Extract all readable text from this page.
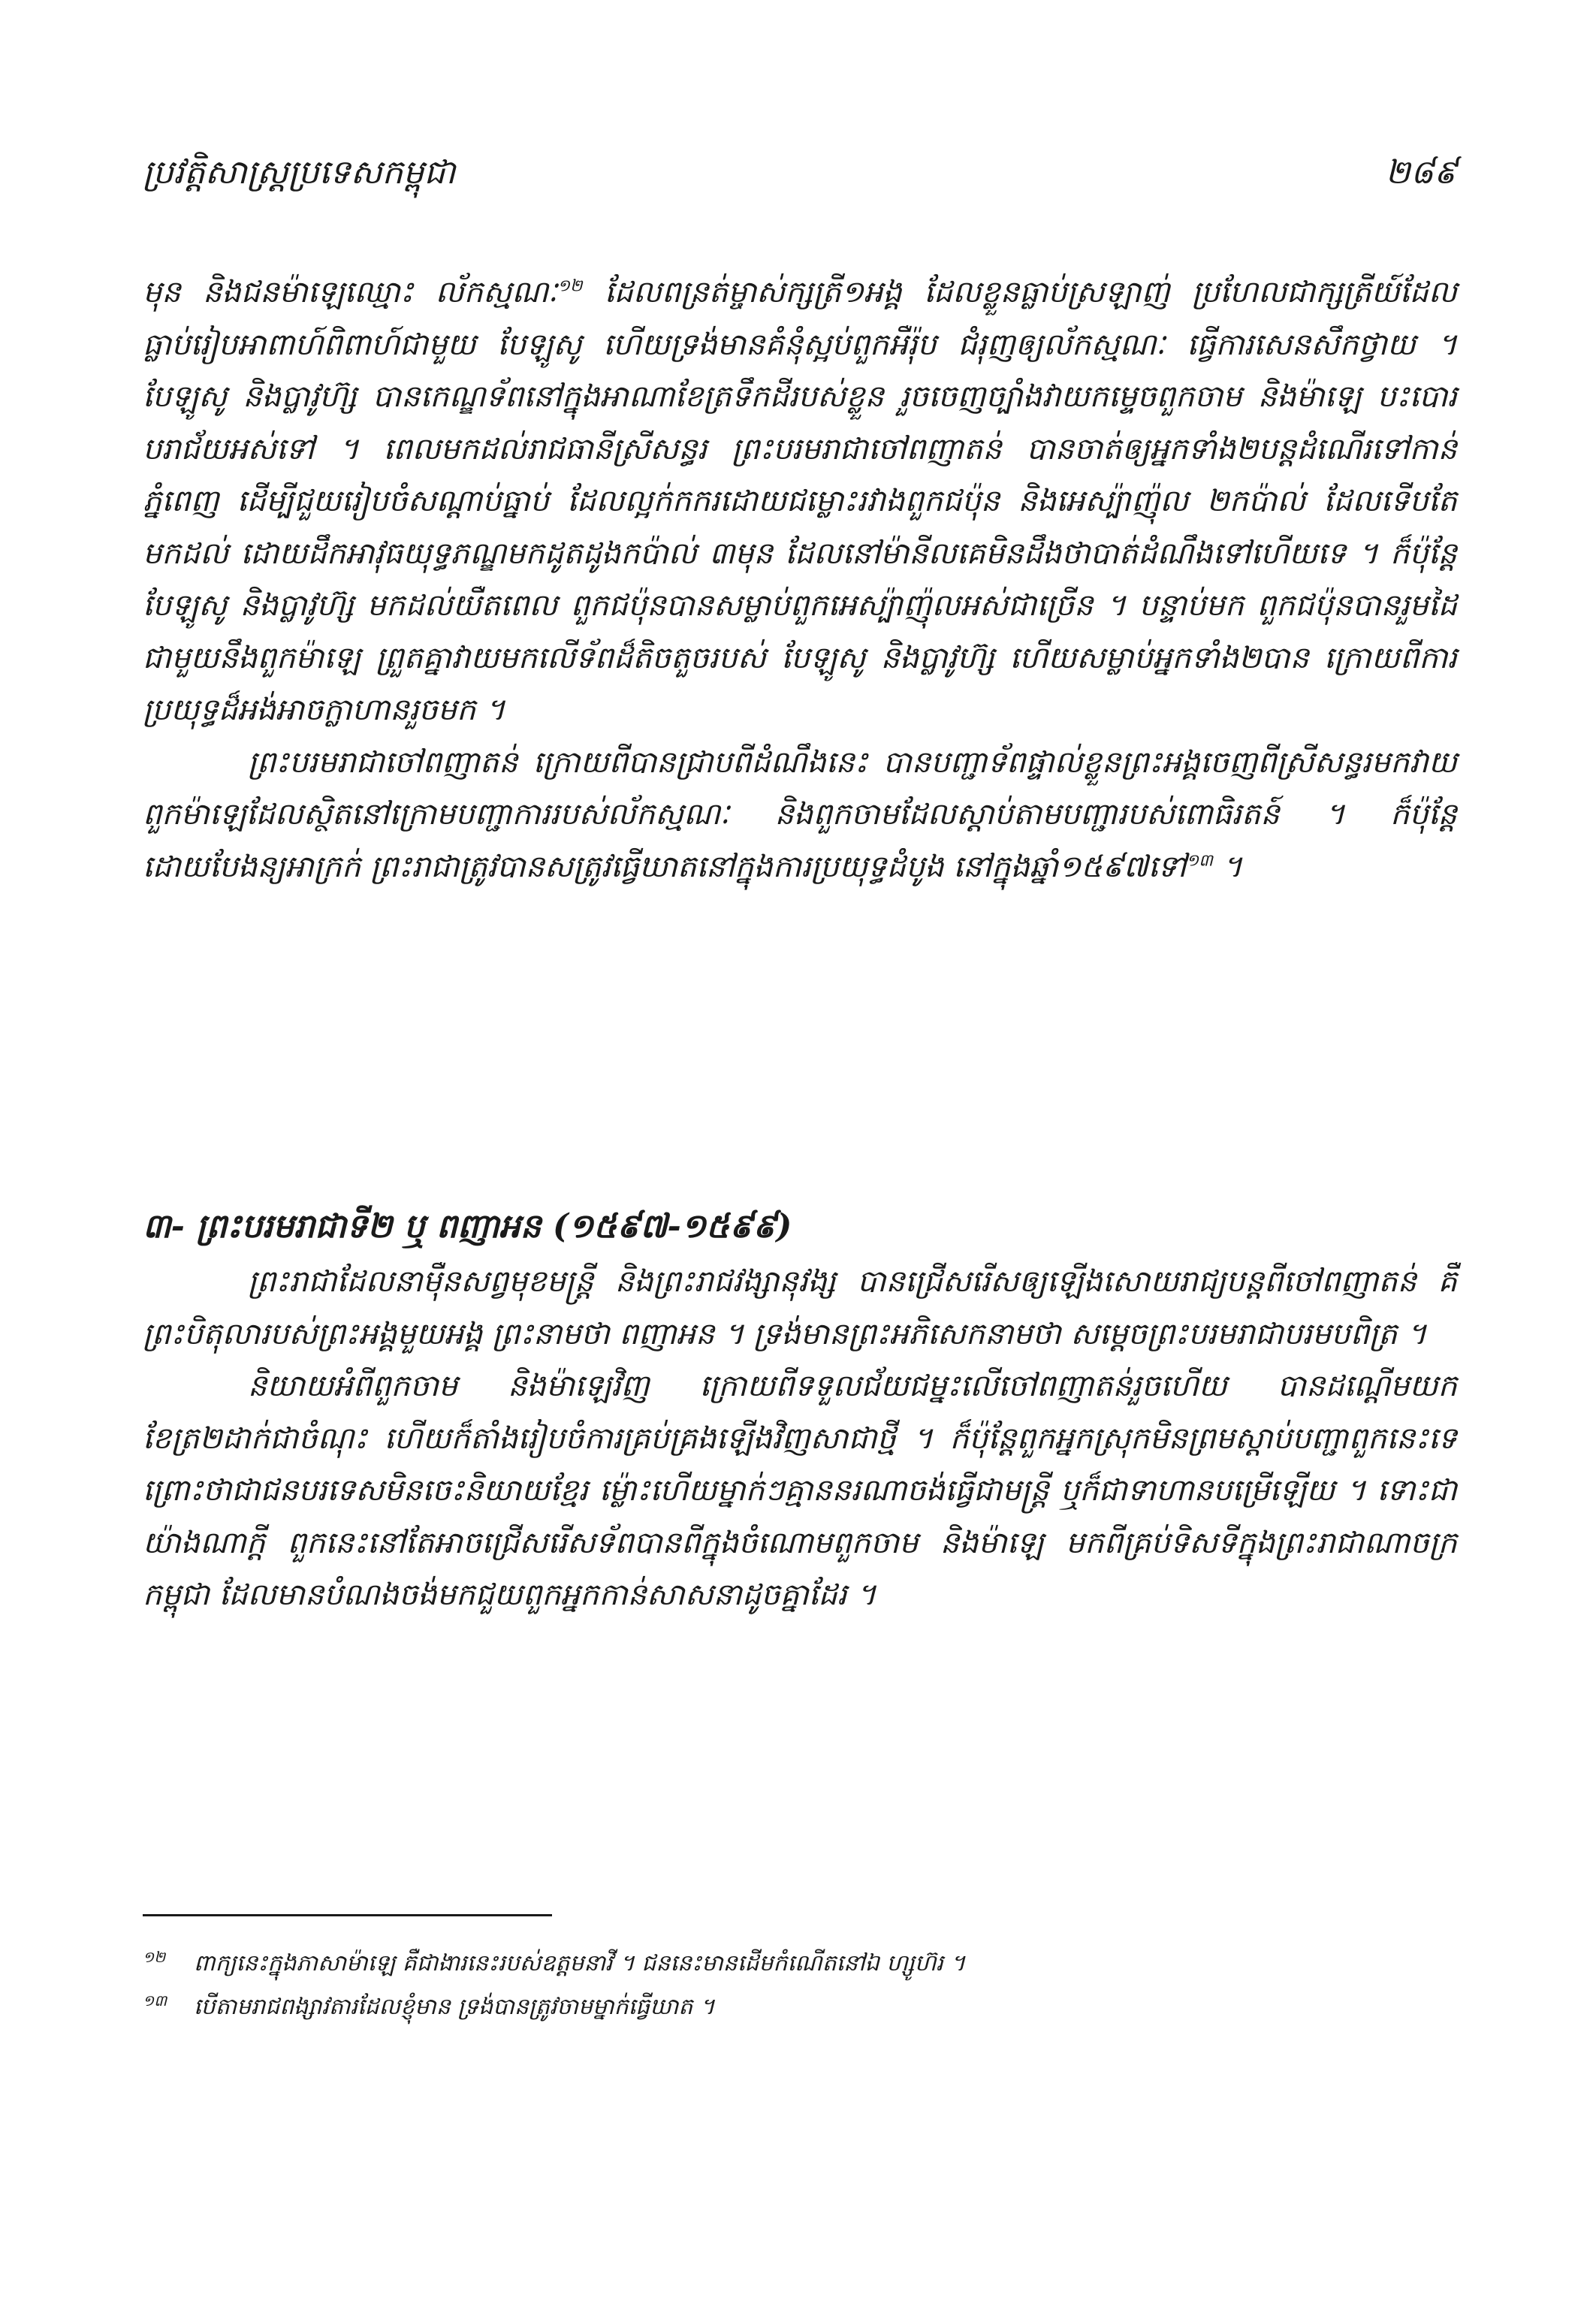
ប្រវត្តិសាស្ត្រប្រទេសកម្ពុជា	២៨៩

មុន និងជនម៉ាឡេឈ្មោះ ល័កស្មណៈ$^{១២}$ ដែលពន្រត់ម្ចាស់ក្សត្រី១អង្គ ដែលខ្លួនធ្លាប់ស្រឡាញ់ ប្រហែលជាក្សត្រីយ៍ដែលធ្លាប់រៀបអាពាហ៍ពិពាហ៍ជាមួយ បែឡូសូ ហើយទ្រង់មានគំនុំស្អប់ពួកអឺរ៉ុប ជំរុញឲ្យល័កស្មណៈ ធ្វើការសេនសឹកថ្វាយ ។ បែឡូសូ និងប្លាវូហ៊្ស បានកេណ្ឌទ័ពនៅក្នុងអាណាខែត្រទឹកដីរបស់ខ្លួន រួចចេញច្បាំងវាយកម្ទេចពួកចាម និងម៉ាឡេ បះបោរបរាជ័យអស់ទៅ ។ ពេលមកដល់រាជធានីស្រីសន្ធរ ព្រះបរមរាជាចៅពញាតន់ បានចាត់ឲ្យអ្នកទាំង២បន្តដំណើរទៅកាន់ភ្នំពេញ ដើម្បីជួយរៀបចំសណ្តាប់ធ្នាប់ ដែលល្អក់កករដោយជម្លោះរវាងពួកជប៉ុន និងអេស្ប៉ាញ៉ុល ២កប៉ាល់ ដែលទើបតែមកដល់ ដោយដឹកអាវុធយុទ្ធភណ្ឌមកដូតដូងកប៉ាល់ ៣មុន ដែលនៅម៉ានីលគេមិនដឹងថាបាត់ដំណឹងទៅហើយទេ ។ ក៏ប៉ុន្តែ បែឡូសូ និងប្លាវូហ៊្ស មកដល់យឺតពេល ពួកជប៉ុនបានសម្លាប់ពួកអេស្ប៉ាញ៉ុលអស់ជាច្រើន ។ បន្ទាប់មក ពួកជប៉ុនបានរួមដៃជាមួយនឹងពួកម៉ាឡេ ព្រួតគ្នាវាយមកលើទ័ពដ៏តិចតួចរបស់ បែឡូសូ និងប្លាវូហ៊្ស ហើយសម្លាប់អ្នកទាំង២បាន ក្រោយពីការប្រយុទ្ធដ៏អង់អាចក្លាហានរួចមក ។

ព្រះបរមរាជាចៅពញាតន់ ក្រោយពីបានជ្រាបពីដំណឹងនេះ បានបញ្ជាទ័ពផ្ទាល់ខ្លួនព្រះអង្គចេញពីស្រីសន្ធរមកវាយពួកម៉ាឡេដែលស្ថិតនៅក្រោមបញ្ជាការរបស់ល័កស្មណៈ និងពួកចាមដែលស្តាប់តាមបញ្ជារបស់ពោធិរតន៍ ។ ក៏ប៉ុន្តែដោយបែងន្យអាក្រក់ ព្រះរាជាត្រូវបានសត្រូវធ្វើឃាតនៅក្នុងការប្រយុទ្ធដំបូង នៅក្នុងឆ្នាំ១៥៩៧ទៅ$^{១៣}$ ។

៣- ព្រះបរមរាជាទី២ ឬ ពញាអន (១៥៩៧-១៥៩៩)

ព្រះរាជាដែលនាម៉ឺនសព្វមុខមន្ត្រី និងព្រះរាជវង្សានុវង្ស បានជ្រើសរើសឲ្យឡើងសោយរាជ្យបន្តពីចៅពញាតន់ គឺព្រះបិតុលារបស់ព្រះអង្គមួយអង្គ ព្រះនាមថា ពញាអន ។ ទ្រង់មានព្រះអភិសេកនាមថា សម្តេចព្រះបរមរាជាបរមបពិត្រ ។

និយាយអំពីពួកចាម និងម៉ាឡេវិញ ក្រោយពីទទួលជ័យជម្នះលើចៅពញាតន់រួចហើយ បានដណ្តើមយកខែត្រ២ដាក់ជាចំណុះ ហើយក៏តាំងរៀបចំការគ្រប់គ្រងឡើងវិញសាជាថ្មី ។ ក៏ប៉ុន្តែពួកអ្នកស្រុកមិនព្រមស្តាប់បញ្ជាពួកនេះទេ ព្រោះថាជាជនបរទេសមិនចេះនិយាយខ្មែរ ម៉្លោះហើយម្នាក់ៗគ្មាននរណាចង់ធ្វើជាមន្ត្រី ឬក៏ជាទាហានបម្រើឡើយ ។ ទោះជាយ៉ាងណាក្តី ពួកនេះនៅតែអាចជ្រើសរើសទ័ពបានពីក្នុងចំណោមពួកចាម និងម៉ាឡេ មកពីគ្រប់ទិសទីក្នុងព្រះរាជាណាចក្រកម្ពុជា ដែលមានបំណងចង់មកជួយពួកអ្នកកាន់សាសនាដូចគ្នាដែរ ។

១២ ពាក្យនេះក្នុងភាសាម៉ាឡេ គឺជាងារនេះរបស់ឧត្តមនាវី ។ ជននេះមានដើមកំណើតនៅឯ ហ្សូហ៊រ ។

១៣ បើតាមរាជពង្សាវតារដែលខ្ញុំមាន ទ្រង់បានត្រូវចាមម្នាក់ធ្វើឃាត ។
